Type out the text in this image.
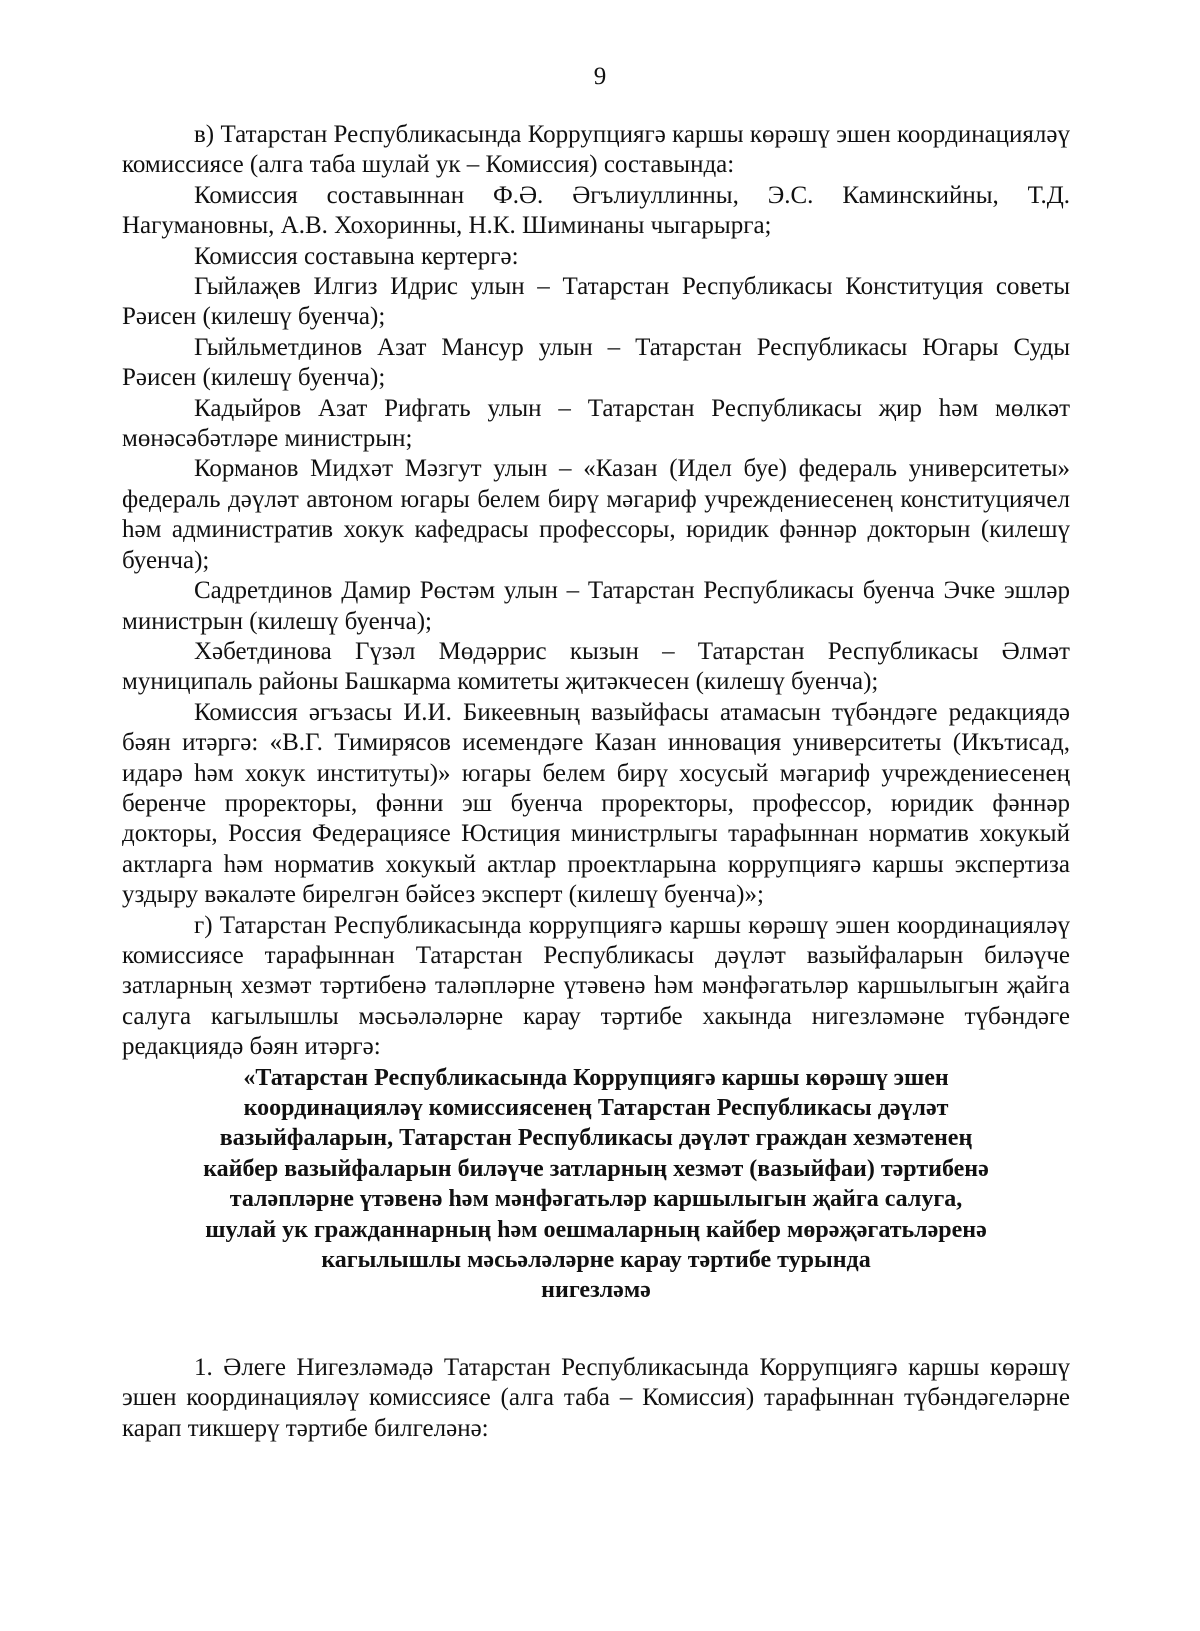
9

в) Татарстан Республикасында Коррупциягә каршы көрәшү эшен координацияләү комиссиясе (алга таба шулай ук – Комиссия) составында:

Комиссия составыннан Ф.Ә. Әгълиуллинны, Э.С. Каминскийны, Т.Д. Нагумановны, А.В. Хохоринны, Н.К. Шиминаны чыгарырга;

Комиссия составына кертергә:

Гыйлаҗев Илгиз Идрис улын – Татарстан Республикасы Конституция советы Рәисен (килешү буенча);

Гыйльметдинов Азат Мансур улын – Татарстан Республикасы Югары Суды Рәисен (килешү буенча);

Кадыйров Азат Рифгать улын – Татарстан Республикасы җир һәм мөлкәт мөнәсәбәтләре министрын;

Корманов Мидхәт Мәзгут улын – «Казан (Идел буе) федераль университеты» федераль дәүләт автоном югары белем бирү мәгариф учреждениесенең конституциячел һәм административ хокук кафедрасы профессоры, юридик фәннәр докторын (килешү буенча);

Садретдинов Дамир Рөстәм улын – Татарстан Республикасы буенча Эчке эшләр министрын (килешү буенча);

Хәбетдинова Гүзәл Мөдәррис кызын – Татарстан Республикасы Әлмәт муниципаль районы Башкарма комитеты җитәкчесен (килешү буенча);

Комиссия әгъзасы И.И. Бикеевның вазыйфасы атамасын түбәндәге редакциядә бәян итәргә: «В.Г. Тимирясов исемендәге Казан инновация университеты (Икътисад, идарә һәм хокук институты)» югары белем бирү хосусый мәгариф учреждениесенең беренче проректоры, фәнни эш буенча проректоры, профессор, юридик фәннәр докторы, Россия Федерациясе Юстиция министрлыгы тарафыннан норматив хокукый актларга һәм норматив хокукый актлар проектларына коррупциягә каршы экспертиза уздыру вәкаләте бирелгән бәйсез эксперт (килешү буенча)»;

г) Татарстан Республикасында коррупциягә каршы көрәшү эшен координацияләү комиссиясе тарафыннан Татарстан Республикасы дәүләт вазыйфаларын биләүче затларның хезмәт тәртибенә таләпләрне үтәвенә һәм мәнфәгатьләр каршылыгын җайга салуга кагылышлы мәсьәләләрне карау тәртибе хакында нигезләмәне түбәндәге редакциядә бәян итәргә:

«Татарстан Республикасында Коррупциягә каршы көрәшү эшен

координацияләү комиссиясенең Татарстан Республикасы дәүләт

вазыйфаларын, Татарстан Республикасы дәүләт граждан хезмәтенең

кайбер вазыйфаларын биләүче затларның хезмәт (вазыйфаи) тәртибенә

таләпләрне үтәвенә һәм мәнфәгатьләр каршылыгын җайга салуга,

шулай ук гражданнарның һәм оешмаларның кайбер мөрәҗәгатьләренә

кагылышлы мәсьәләләрне карау тәртибе турында

нигезләмә

1. Әлеге Нигезләмәдә Татарстан Республикасында Коррупциягә каршы көрәшү эшен координацияләү комиссиясе (алга таба – Комиссия) тарафыннан түбәндәгеләрне карап тикшерү тәртибе билгеләнә:
